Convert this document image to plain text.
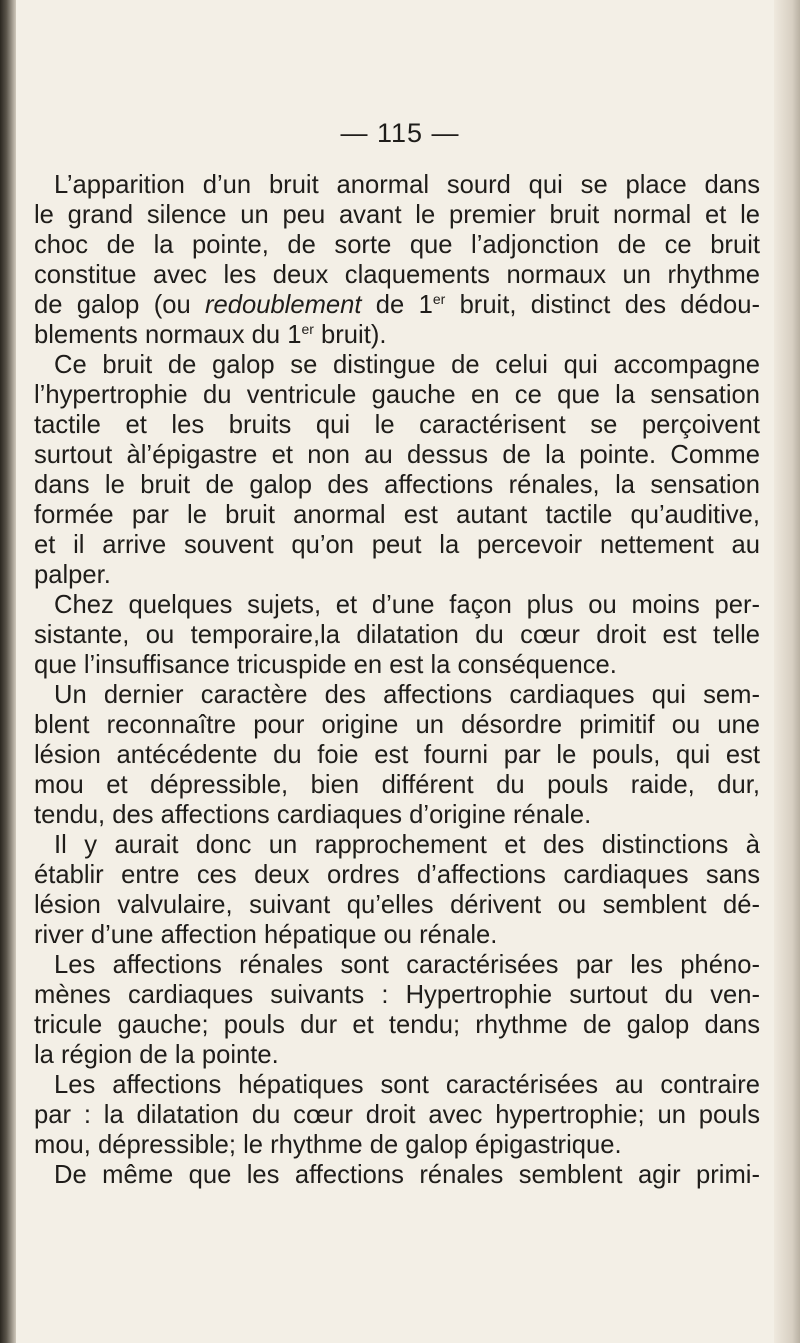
— 115 —
L’apparition d’un bruit anormal sourd qui se place dans
le grand silence un peu avant le premier bruit normal et le
choc de la pointe, de sorte que l’adjonction de ce bruit
constitue avec les deux claquements normaux un rhythme
de galop (ou redoublement de 1er bruit, distinct des dédou-
blements normaux du 1er bruit).
Ce bruit de galop se distingue de celui qui accompagne
l’hypertrophie du ventricule gauche en ce que la sensation
tactile et les bruits qui le caractérisent se perçoivent
surtout àl’épigastre et non au dessus de la pointe. Comme
dans le bruit de galop des affections rénales, la sensation
formée par le bruit anormal est autant tactile qu’auditive,
et il arrive souvent qu’on peut la percevoir nettement au
palper.
Chez quelques sujets, et d’une façon plus ou moins per-
sistante, ou temporaire,la dilatation du cœur droit est telle
que l’insuffisance tricuspide en est la conséquence.
Un dernier caractère des affections cardiaques qui sem-
blent reconnaître pour origine un désordre primitif ou une
lésion antécédente du foie est fourni par le pouls, qui est
mou et dépressible, bien différent du pouls raide, dur,
tendu, des affections cardiaques d’origine rénale.
Il y aurait donc un rapprochement et des distinctions à
établir entre ces deux ordres d’affections cardiaques sans
lésion valvulaire, suivant qu’elles dérivent ou semblent dé-
river d’une affection hépatique ou rénale.
Les affections rénales sont caractérisées par les phéno-
mènes cardiaques suivants : Hypertrophie surtout du ven-
tricule gauche; pouls dur et tendu; rhythme de galop dans
la région de la pointe.
Les affections hépatiques sont caractérisées au contraire
par : la dilatation du cœur droit avec hypertrophie; un pouls
mou, dépressible; le rhythme de galop épigastrique.
De même que les affections rénales semblent agir primi-
